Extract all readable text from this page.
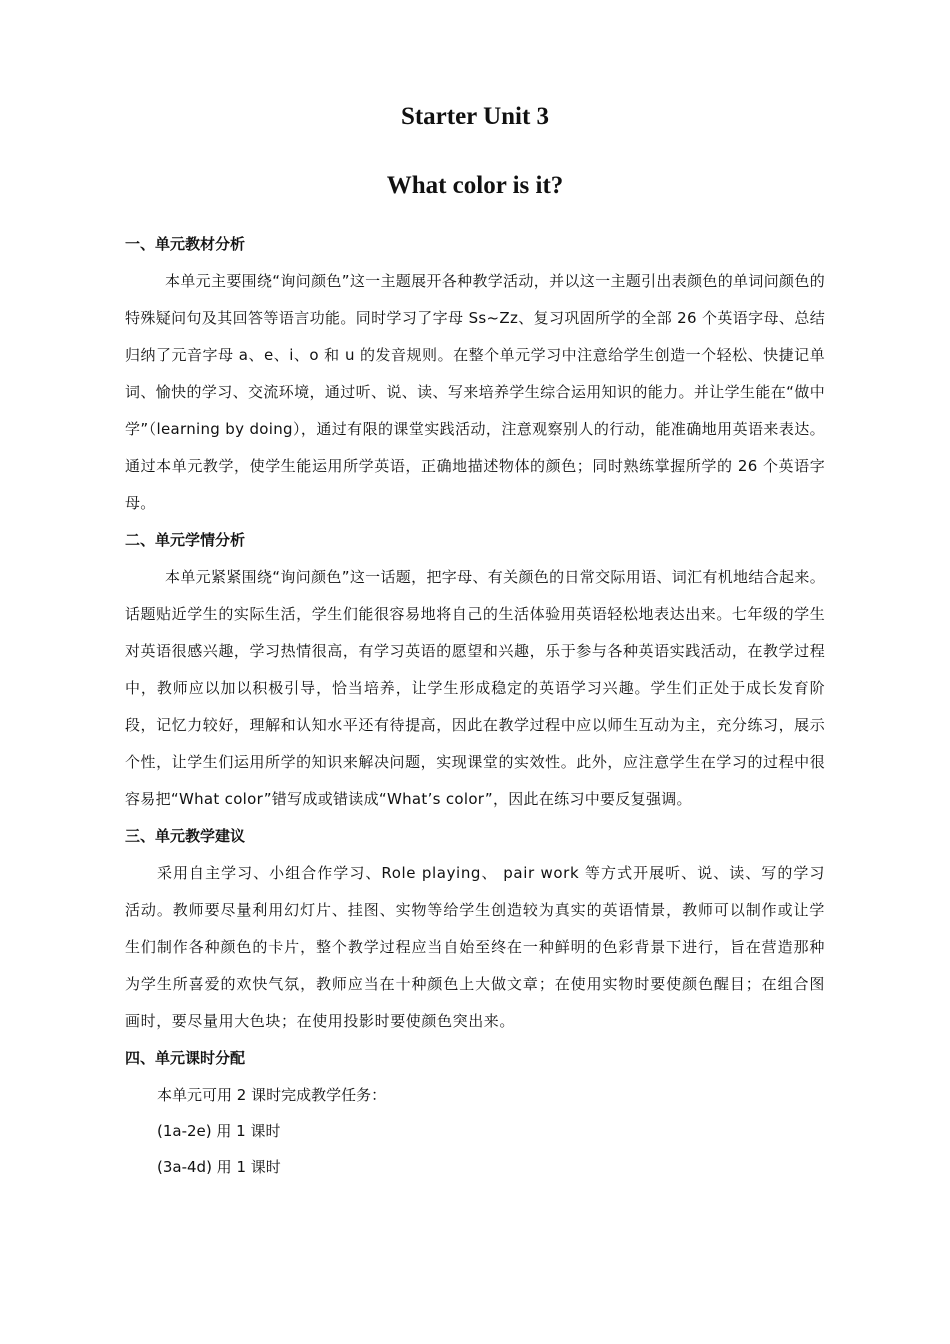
Starter Unit 3
What color is it?

一、单元教材分析

本单元主要围绕“询问颜色”这一主题展开各种教学活动，并以这一主题引出表颜色的单词问颜色的特殊疑问句及其回答等语言功能。同时学习了字母 Ss~Zz、复习巩固所学的全部 26 个英语字母、总结归纳了元音字母 a、e、i、o 和 u 的发音规则。在整个单元学习中注意给学生创造一个轻松、快捷记单词、愉快的学习、交流环境，通过听、说、读、写来培养学生综合运用知识的能力。并让学生能在“做中学”（learning by doing），通过有限的课堂实践活动，注意观察别人的行动，能准确地用英语来表达。通过本单元教学，使学生能运用所学英语，正确地描述物体的颜色；同时熟练掌握所学的 26 个英语字母。

二、单元学情分析

本单元紧紧围绕“询问颜色”这一话题，把字母、有关颜色的日常交际用语、词汇有机地结合起来。话题贴近学生的实际生活，学生们能很容易地将自己的生活体验用英语轻松地表达出来。七年级的学生对英语很感兴趣，学习热情很高，有学习英语的愿望和兴趣，乐于参与各种英语实践活动，在教学过程中，教师应以加以积极引导，恰当培养，让学生形成稳定的英语学习兴趣。学生们正处于成长发育阶段，记忆力较好，理解和认知水平还有待提高，因此在教学过程中应以师生互动为主，充分练习，展示个性，让学生们运用所学的知识来解决问题，实现课堂的实效性。此外，应注意学生在学习的过程中很容易把“What color”错写成或错读成“What’s color”，因此在练习中要反复强调。

三、单元教学建议

采用自主学习、小组合作学习、Role playing、 pair work 等方式开展听、说、读、写的学习活动。教师要尽量利用幻灯片、挂图、实物等给学生创造较为真实的英语情景，教师可以制作或让学生们制作各种颜色的卡片，整个教学过程应当自始至终在一种鲜明的色彩背景下进行，旨在营造那种为学生所喜爱的欢快气氛，教师应当在十种颜色上大做文章；在使用实物时要使颜色醒目；在组合图画时，要尽量用大色块；在使用投影时要使颜色突出来。

四、单元课时分配

本单元可用 2 课时完成教学任务：

(1a-2e) 用 1 课时

(3a-4d) 用 1 课时
